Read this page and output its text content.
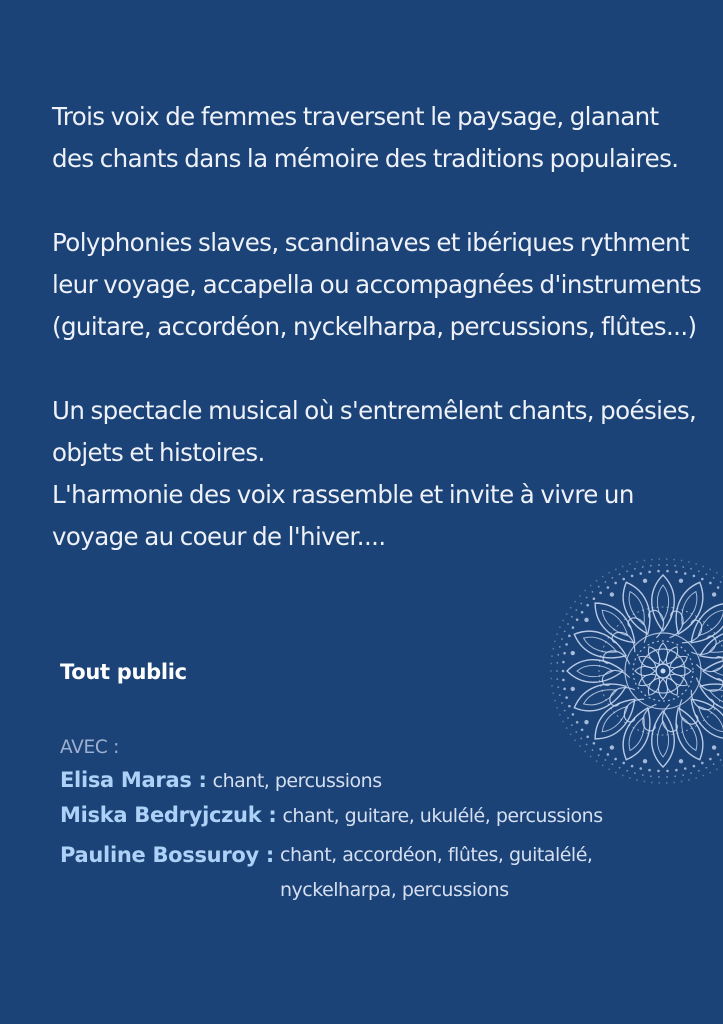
Trois voix de femmes traversent le paysage, glanant
des chants dans la mémoire des traditions populaires.

Polyphonies slaves, scandinaves et ibériques rythment
leur voyage, accapella ou accompagnées d'instruments
(guitare, accordéon, nyckelharpa, percussions, flûtes...)

Un spectacle musical où s'entremêlent chants, poésies,
objets et histoires.
L'harmonie des voix rassemble et invite à vivre un
voyage au coeur de l'hiver....

Tout public
AVEC :
Elisa Maras : chant, percussions
Miska Bedryjczuk : chant, guitare, ukulélé, percussions
Pauline Bossuroy : chant, accordéon, flûtes, guitalélé,
nyckelharpa, percussions
